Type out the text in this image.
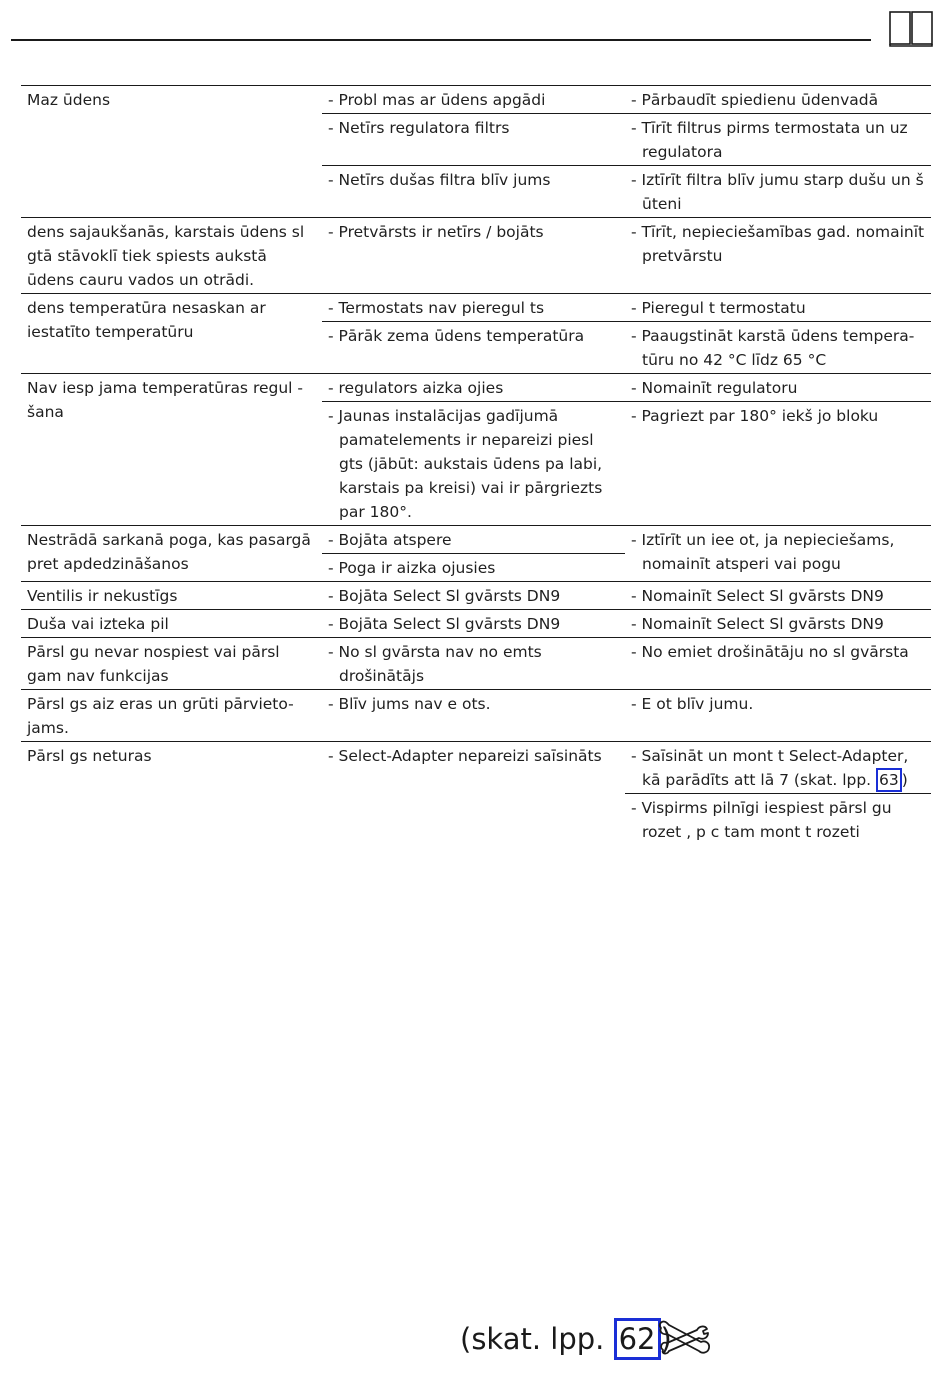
Maz ūdens	- Probl mas ar ūdens apgādi	- Pārbaudīt spiedienu ūdenvadā
	- Netīrs regulatora filtrs	- Tīrīt filtrus pirms termostata un uz regulatora
	- Netīrs dušas filtra blīv jums	- Iztīrīt filtra blīv jumu starp dušu un š ūteni
dens sajaukšanās, karstais ūdens sl gtā stāvoklī tiek spiests aukstā ūdens cauru vados un otrādi.	- Pretvārsts ir netīrs / bojāts	- Tīrīt, nepieciešamības gad. nomainīt pretvārstu
dens temperatūra nesaskan ar iestatīto temperatūru	- Termostats nav pieregul ts	- Pieregul t termostatu
	- Pārāk zema ūdens temperatūra	- Paaugstināt karstā ūdens tempera- tūru no 42 °C līdz 65 °C
Nav iesp jama temperatūras regul - šana	- regulators aizka ojies	- Nomainīt regulatoru
	- Jaunas instalācijas gadījumā pamatelements ir nepareizi piesl gts (jābūt: aukstais ūdens pa labi, karstais pa kreisi) vai ir pārgriezts par 180°.	- Pagriezt par 180° iekš jo bloku
Nestrādā sarkanā poga, kas pasargā pret apdedzināšanos	- Bojāta atspere	- Iztīrīt un iee ot, ja nepieciešams, nomainīt atsperi vai pogu
	- Poga ir aizka ojusies	
Ventilis ir nekustīgs	- Bojāta Select Sl gvārsts DN9	- Nomainīt Select Sl gvārsts DN9
Duša vai izteka pil	- Bojāta Select Sl gvārsts DN9	- Nomainīt Select Sl gvārsts DN9
Pārsl gu nevar nospiest vai pārsl gam nav funkcijas	- No sl gvārsta nav no emts drošinātājs	- No emiet drošinātāju no sl gvārsta
Pārsl gs aiz eras un grūti pārvieto- jams.	- Blīv jums nav e ots.	- E ot blīv jumu.
Pārsl gs neturas	- Select-Adapter nepareizi saīsināts	- Saīsināt un mont t Select-Adapter, kā parādīts att lā 7 (skat. lpp. 63 )
		- Vispirms pilnīgi iespiest pārsl gu rozet , p c tam mont t rozeti
(skat. lpp. 62 )
